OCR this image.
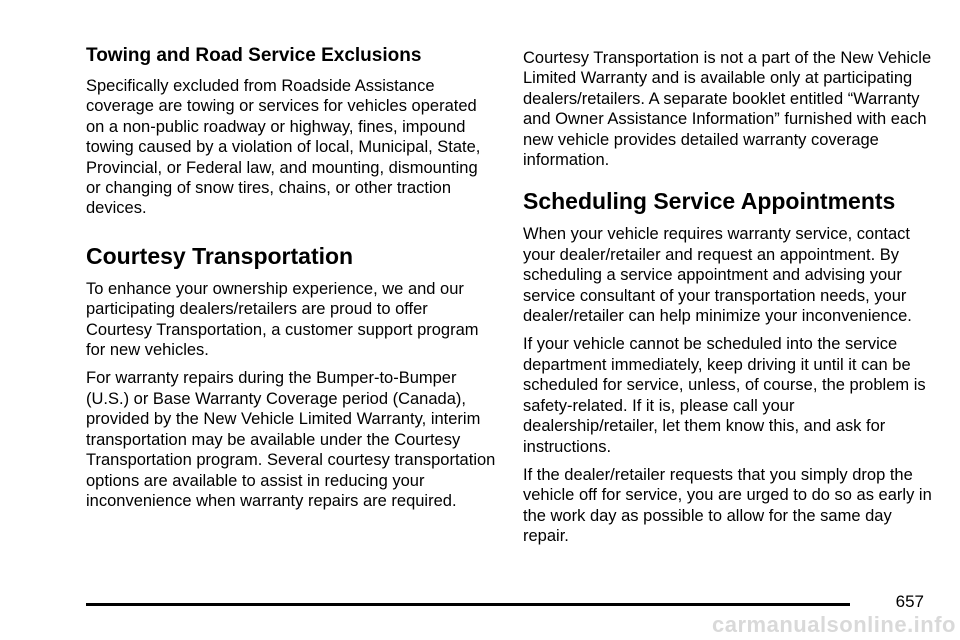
Towing and Road Service Exclusions

Specifically excluded from Roadside Assistance coverage are towing or services for vehicles operated on a non-public roadway or highway, fines, impound towing caused by a violation of local, Municipal, State, Provincial, or Federal law, and mounting, dismounting or changing of snow tires, chains, or other traction devices.

Courtesy Transportation

To enhance your ownership experience, we and our participating dealers/retailers are proud to offer Courtesy Transportation, a customer support program for new vehicles.

For warranty repairs during the Bumper-to-Bumper (U.S.) or Base Warranty Coverage period (Canada), provided by the New Vehicle Limited Warranty, interim transportation may be available under the Courtesy Transportation program. Several courtesy transportation options are available to assist in reducing your inconvenience when warranty repairs are required.

Courtesy Transportation is not a part of the New Vehicle Limited Warranty and is available only at participating dealers/retailers. A separate booklet entitled “Warranty and Owner Assistance Information” furnished with each new vehicle provides detailed warranty coverage information.

Scheduling Service Appointments

When your vehicle requires warranty service, contact your dealer/retailer and request an appointment. By scheduling a service appointment and advising your service consultant of your transportation needs, your dealer/retailer can help minimize your inconvenience.

If your vehicle cannot be scheduled into the service department immediately, keep driving it until it can be scheduled for service, unless, of course, the problem is safety-related. If it is, please call your dealership/retailer, let them know this, and ask for instructions.

If the dealer/retailer requests that you simply drop the vehicle off for service, you are urged to do so as early in the work day as possible to allow for the same day repair.

657
carmanualsonline.info
